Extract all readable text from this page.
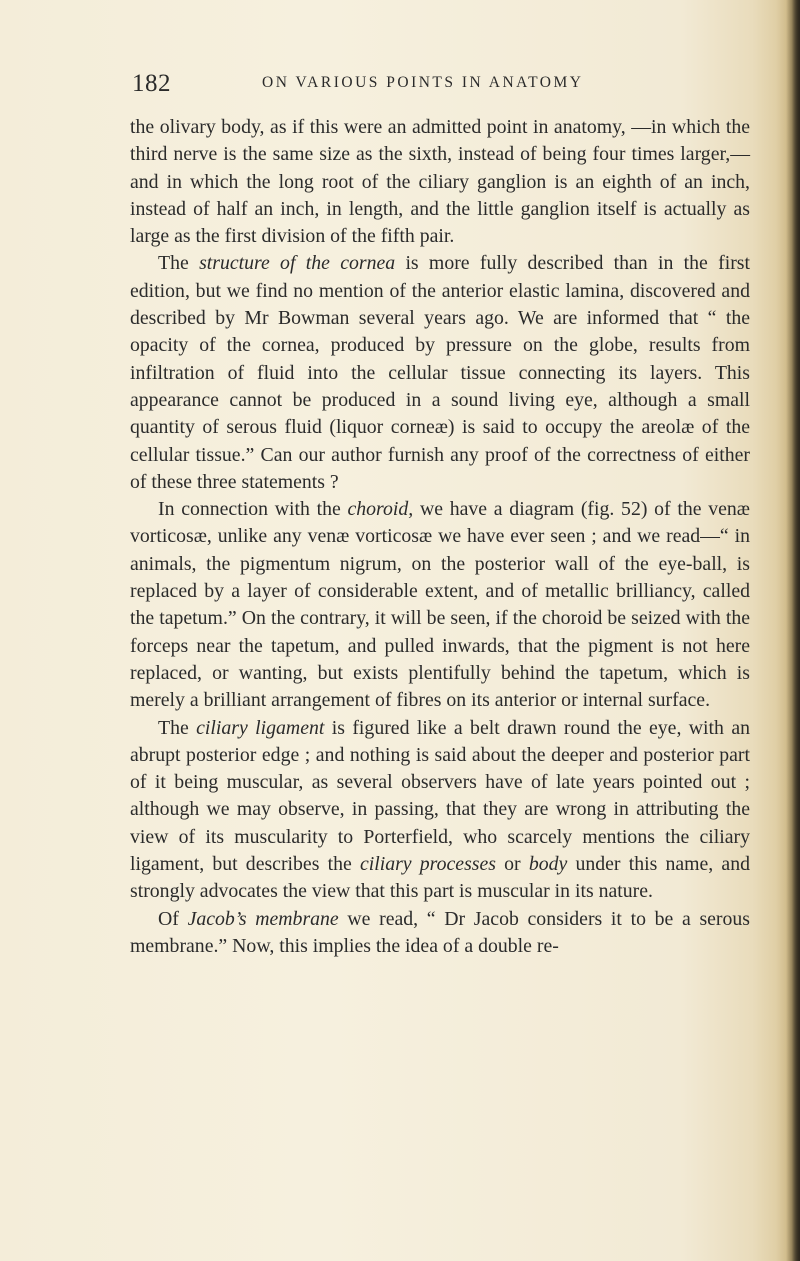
182	ON VARIOUS POINTS IN ANATOMY

the olivary body, as if this were an admitted point in anatomy, —in which the third nerve is the same size as the sixth, instead of being four times larger,—and in which the long root of the ciliary ganglion is an eighth of an inch, instead of half an inch, in length, and the little ganglion itself is actually as large as the first division of the fifth pair.

The structure of the cornea is more fully described than in the first edition, but we find no mention of the anterior elastic lamina, discovered and described by Mr Bowman several years ago. We are informed that “ the opacity of the cornea, produced by pressure on the globe, results from infiltration of fluid into the cellular tissue connecting its layers. This appearance cannot be produced in a sound living eye, although a small quantity of serous fluid (liquor corneæ) is said to occupy the areolæ of the cellular tissue.” Can our author furnish any proof of the correctness of either of these three statements ?

In connection with the choroid, we have a diagram (fig. 52) of the venæ vorticosæ, unlike any venæ vorticosæ we have ever seen ; and we read—“ in animals, the pigmentum nigrum, on the posterior wall of the eye-ball, is replaced by a layer of considerable extent, and of metallic brilliancy, called the tapetum.” On the contrary, it will be seen, if the choroid be seized with the forceps near the tapetum, and pulled inwards, that the pigment is not here replaced, or wanting, but exists plentifully behind the tapetum, which is merely a brilliant arrangement of fibres on its anterior or internal surface.

The ciliary ligament is figured like a belt drawn round the eye, with an abrupt posterior edge ; and nothing is said about the deeper and posterior part of it being muscular, as several observers have of late years pointed out ; although we may observe, in passing, that they are wrong in attributing the view of its muscularity to Porterfield, who scarcely mentions the ciliary ligament, but describes the ciliary processes or body under this name, and strongly advocates the view that this part is muscular in its nature.

Of Jacob’s membrane we read, “ Dr Jacob considers it to be a serous membrane.” Now, this implies the idea of a double re-
